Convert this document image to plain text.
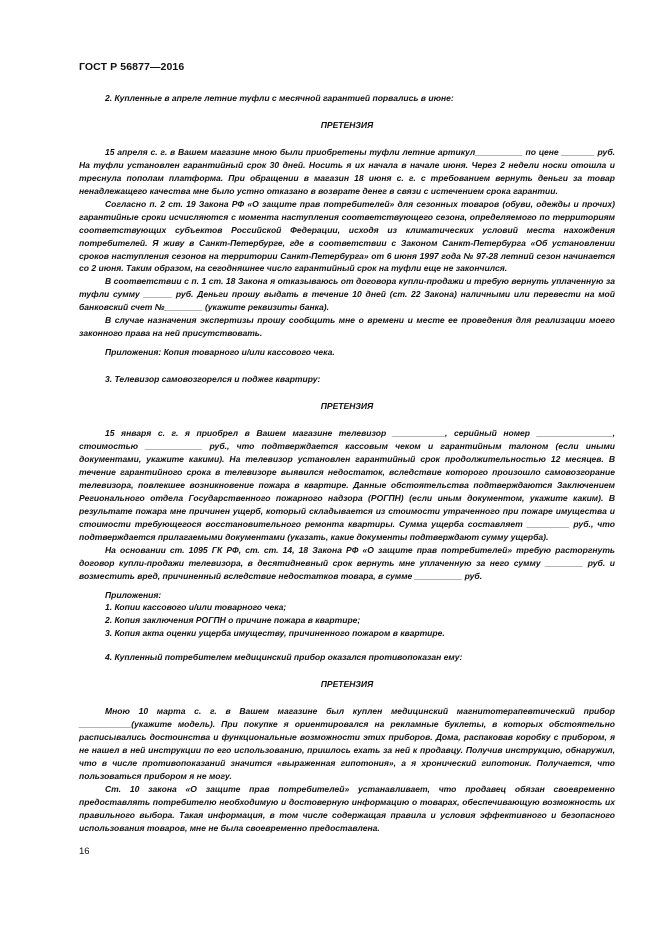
ГОСТ Р 56877—2016

2. Купленные в апреле летние туфли с месячной гарантией порвались в июне:

ПРЕТЕНЗИЯ

15 апреля с. г. в Вашем магазине мною были приобретены туфли летние артикул__________ по цене _______ руб. На туфли установлен гарантийный срок 30 дней. Носить я их начала в начале июня. Через 2 недели носки отошла и треснула пополам платформа. При обращении в магазин 18 июня с. г. с требованием вернуть деньги за товар ненадлежащего качества мне было устно отказано в возврате денег в связи с истечением срока гарантии.

Согласно п. 2 ст. 19 Закона РФ «О защите прав потребителей» для сезонных товаров (обуви, одежды и прочих) гарантийные сроки исчисляются с момента наступления соответствующего сезона, определяемого по территориям соответствующих субъектов Российской Федерации, исходя из климатических условий места нахождения потребителей. Я живу в Санкт-Петербурге, где в соответствии с Законом Санкт-Петербурга «Об установлении сроков наступления сезонов на территории Санкт-Петербурга» от 6 июня 1997 года № 97-28 летний сезон начинается со 2 июня. Таким образом, на сегодняшнее число гарантийный срок на туфли еще не закончился.

В соответствии с п. 1 ст. 18 Закона я отказываюсь от договора купли-продажи и требую вернуть уплаченную за туфли сумму ______ руб. Деньги прошу выдать в течение 10 дней (ст. 22 Закона) наличными или перевести на мой банковский счет №________ (укажите реквизиты банка).

В случае назначения экспертизы прошу сообщить мне о времени и месте ее проведения для реализации моего законного права на ней присутствовать.

Приложения: Копия товарного и/или кассового чека.

3. Телевизор самовозгорелся и поджег квартиру:

ПРЕТЕНЗИЯ

15 января с. г. я приобрел в Вашем магазине телевизор ___________, серийный номер ________________, стоимостью ____________ руб., что подтверждается кассовым чеком и гарантийным талоном (если иными документами, укажите какими). На телевизор установлен гарантийный срок продолжительностью 12 месяцев. В течение гарантийного срока в телевизоре выявился недостаток, вследствие которого произошло самовозгорание телевизора, повлекшее возникновение пожара в квартире. Данные обстоятельства подтверждаются Заключением Регионального отдела Государственного пожарного надзора (РОГПН) (если иным документом, укажите каким). В результате пожара мне причинен ущерб, который складывается из стоимости утраченного при пожаре имущества и стоимости требующегося восстановительного ремонта квартиры. Сумма ущерба составляет _________ руб., что подтверждается прилагаемыми документами (указать, какие документы подтверждают сумму ущерба).

На основании ст. 1095 ГК РФ, ст. ст. 14, 18 Закона РФ «О защите прав потребителей» требую расторгнуть договор купли-продажи телевизора, в десятидневный срок вернуть мне уплаченную за него сумму ________ руб. и возместить вред, причиненный вследствие недостатков товара, в сумме __________ руб.

Приложения:

1. Копии кассового и/или товарного чека;

2. Копия заключения РОГПН о причине пожара в квартире;

3. Копия акта оценки ущерба имуществу, причиненного пожаром в квартире.

4. Купленный потребителем медицинский прибор оказался противопоказан ему:

ПРЕТЕНЗИЯ

Мною 10 марта с. г. в Вашем магазине был куплен медицинский магнитотерапевтический прибор ___________(укажите модель). При покупке я ориентировался на рекламные буклеты, в которых обстоятельно расписывались достоинства и функциональные возможности этих приборов. Дома, распаковав коробку с прибором, я не нашел в ней инструкции по его использованию, пришлось ехать за ней к продавцу. Получив инструкцию, обнаружил, что в числе противопоказаний значится «выраженная гипотония», а я хронический гипотоник. Получается, что пользоваться прибором я не могу.

Ст. 10 закона «О защите прав потребителей» устанавливает, что продавец обязан своевременно предоставлять потребителю необходимую и достоверную информацию о товарах, обеспечивающую возможность их правильного выбора. Такая информация, в том числе содержащая правила и условия эффективного и безопасного использования товаров, мне не была своевременно предоставлена.

16
